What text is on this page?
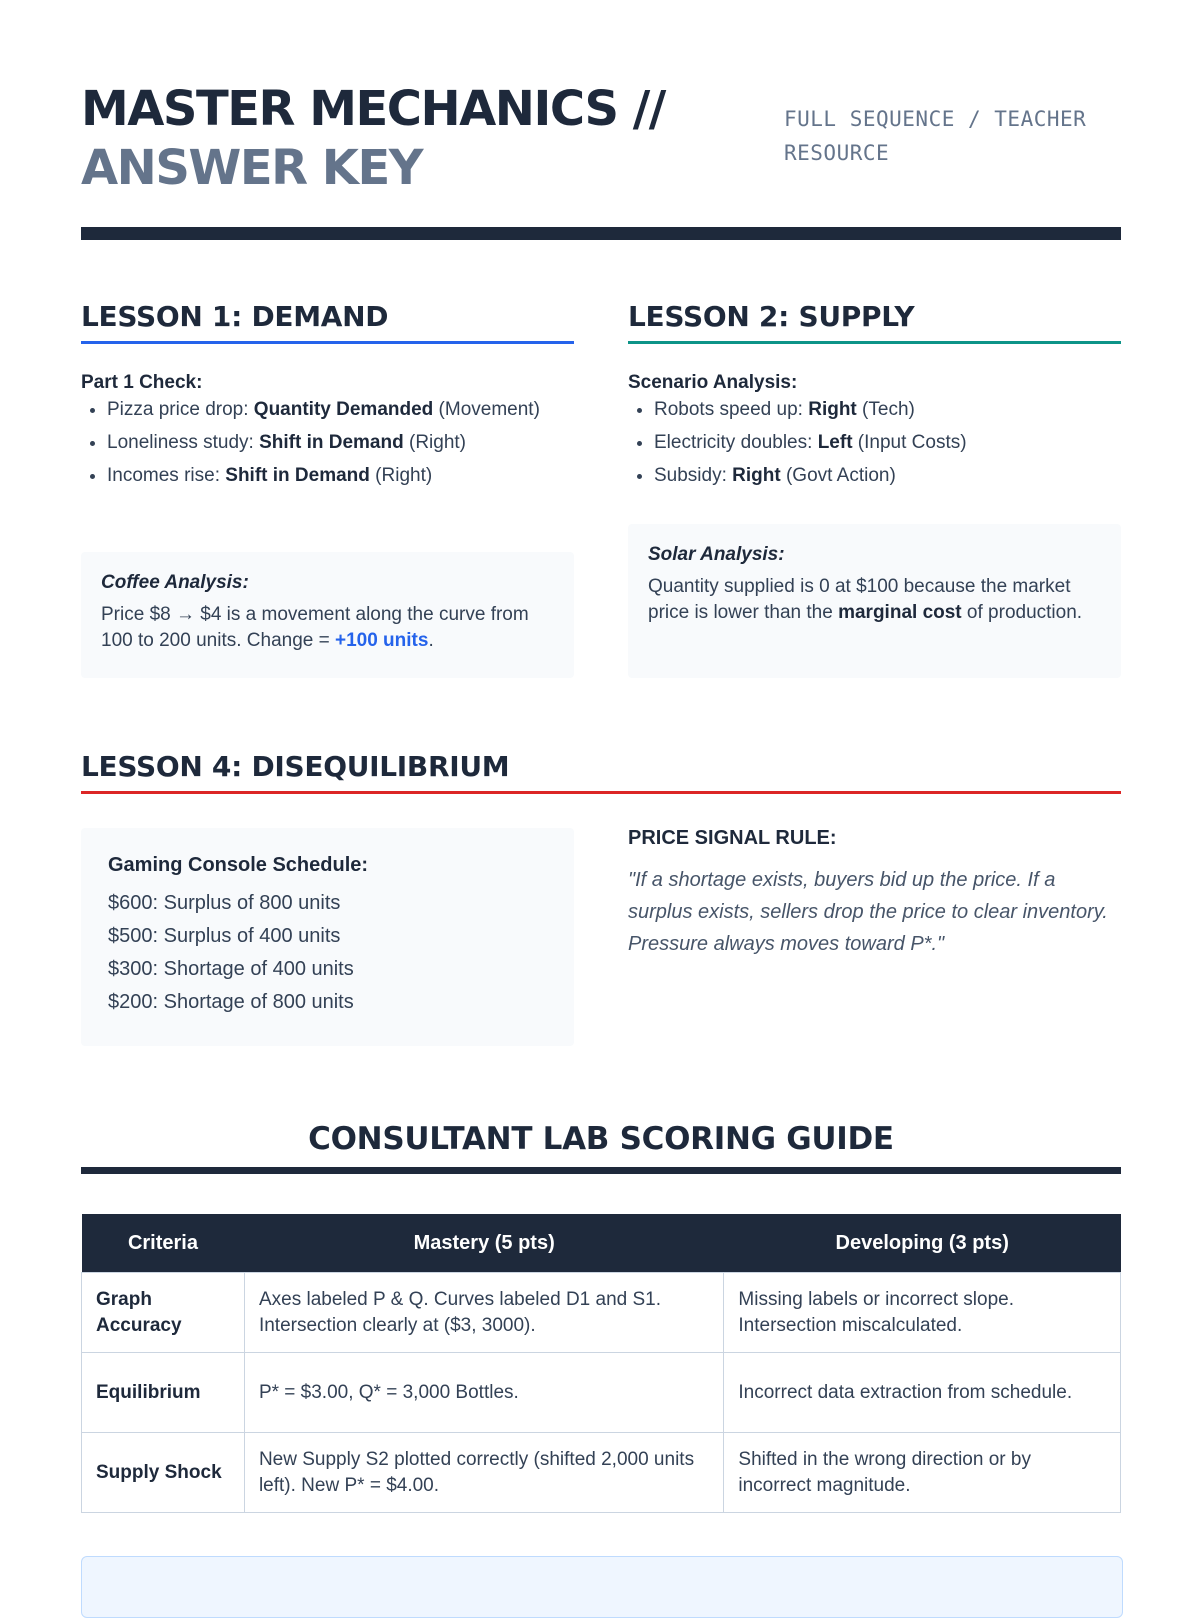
MASTER MECHANICS //
ANSWER KEY
FULL SEQUENCE / TEACHER RESOURCE
LESSON 1: DEMAND
Part 1 Check:
• Pizza price drop: Quantity Demanded (Movement)
• Loneliness study: Shift in Demand (Right)
• Incomes rise: Shift in Demand (Right)
Coffee Analysis:
Price $8 → $4 is a movement along the curve from 100 to 200 units. Change = +100 units.
LESSON 2: SUPPLY
Scenario Analysis:
• Robots speed up: Right (Tech)
• Electricity doubles: Left (Input Costs)
• Subsidy: Right (Govt Action)
Solar Analysis:
Quantity supplied is 0 at $100 because the market price is lower than the marginal cost of production.
LESSON 4: DISEQUILIBRIUM
Gaming Console Schedule:
$600: Surplus of 800 units
$500: Surplus of 400 units
$300: Shortage of 400 units
$200: Shortage of 800 units
PRICE SIGNAL RULE:
"If a shortage exists, buyers bid up the price. If a surplus exists, sellers drop the price to clear inventory. Pressure always moves toward P*."
CONSULTANT LAB SCORING GUIDE
Criteria	Mastery (5 pts)	Developing (3 pts)
Graph Accuracy	Axes labeled P & Q. Curves labeled D1 and S1. Intersection clearly at ($3, 3000).	Missing labels or incorrect slope. Intersection miscalculated.
Equilibrium	P* = $3.00, Q* = 3,000 Bottles.	Incorrect data extraction from schedule.
Supply Shock	New Supply S2 plotted correctly (shifted 2,000 units left). New P* = $4.00.	Shifted in the wrong direction or by incorrect magnitude.
